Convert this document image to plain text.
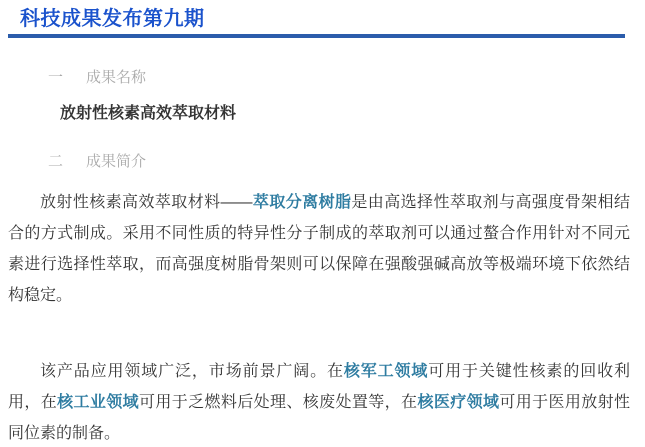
科技成果发布第九期
一 成果名称
放射性核素高效萃取材料
二 成果简介

放射性核素高效萃取材料——萃取分离树脂是由高选择性萃取剂与高强度骨架相结合的方式制成。采用不同性质的特异性分子制成的萃取剂可以通过螯合作用针对不同元素进行选择性萃取，而高强度树脂骨架则可以保障在强酸强碱高放等极端环境下依然结构稳定。

该产品应用领域广泛，市场前景广阔。在核军工领域可用于关键性核素的回收利用，在核工业领域可用于乏燃料后处理、核废处置等，在核医疗领域可用于医用放射性同位素的制备。
